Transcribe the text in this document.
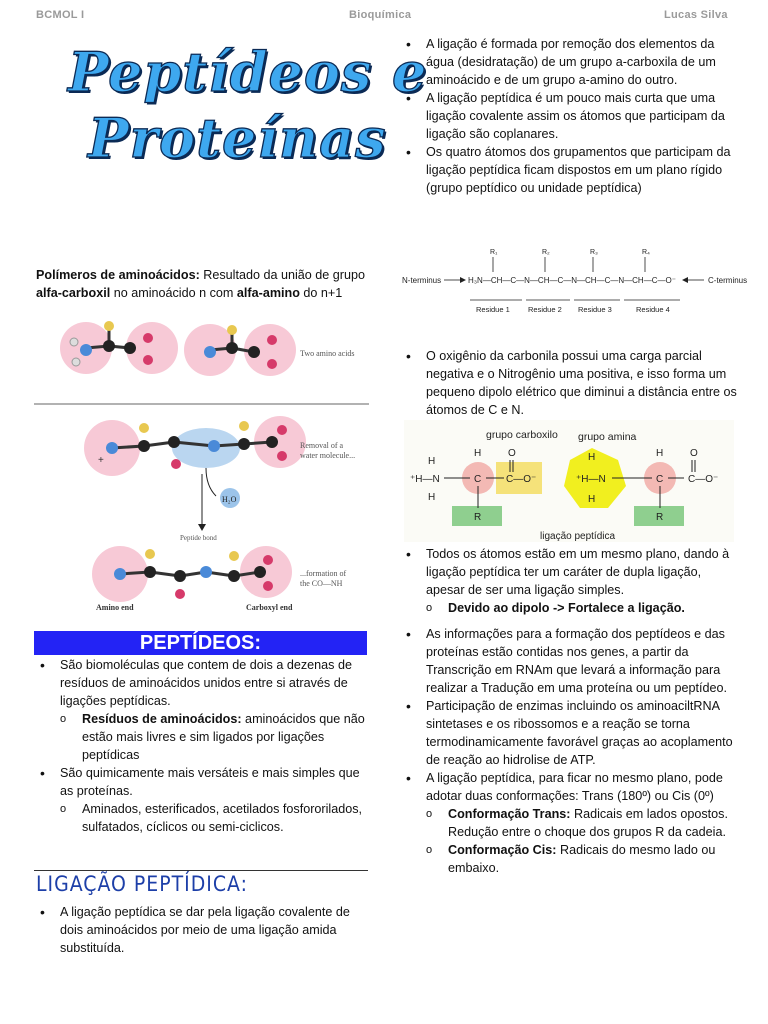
BCMOL I	Bioquímica	Lucas Silva
Peptídeos e
Proteínas

Polímeros de aminoácidos: Resultado da união de grupo alfa-carboxil no aminoácido n com alfa-amino do n+1

Two amino acids
+
Removal of a
water molecule...
H₂O
Peptide bond
...formation of
the CO—NH
Amino end	Carboxyl end
PEPTÍDEOS:
• São biomoléculas que contem de dois a dezenas de resíduos de aminoácidos unidos entre si através de ligações peptídicas.
o Resíduos de aminoácidos: aminoácidos que não estão mais livres e sim ligados por ligações peptídicas
• São quimicamente mais versáteis e mais simples que as proteínas.
o Aminados, esterificados, acetilados fosfororilados, sulfatados, cíclicos ou semi-ciclicos.
LIGAÇÃO PEPTÍDICA:
• A ligação peptídica se dar pela ligação covalente de dois aminoácidos por meio de uma ligação amida substituída.
• A ligação é formada por remoção dos elementos da água (desidratação) de um grupo a-carboxila de um aminoácido e de um grupo a-amino do outro.
• A ligação peptídica é um pouco mais curta que uma ligação covalente assim os átomos que participam da ligação são coplanares.
• Os quatro átomos dos grupamentos que participam da ligação peptídica ficam dispostos em um plano rígido (grupo peptídico ou unidade peptídica)
N-terminus	H₃N—CH—C—N—CH—C—N—CH—C—N—CH—C—O⁻	C-terminus
R₁	R₂	R₃	R₄
Residue 1 Residue 2 Residue 3	Residue 4
• O oxigênio da carbonila possui uma carga parcial negativa e o Nitrogênio uma positiva, e isso forma um pequeno dipolo elétrico que diminui a distância entre os átomos de C e N.
grupo carboxilo grupo amina
⁺H—N
H
H
C
H
C—O⁻
O
R
⁺H—N
H
H
C
H
C—O⁻
O
R
ligação peptídica
• Todos os átomos estão em um mesmo plano, dando à ligação peptídica ter um caráter de dupla ligação, apesar de ser uma ligação simples.
o Devido ao dipolo -> Fortalece a ligação.
• As informações para a formação dos peptídeos e das proteínas estão contidas nos genes, a partir da Transcrição em RNAm que levará a informação para realizar a Tradução em uma proteína ou um peptídeo.
• Participação de enzimas incluindo os aminoaciltRNA sintetases e os ribossomos e a reação se torna termodinamicamente favorável graças ao acoplamento de reação ao hidrolise de ATP.
• A ligação peptídica, para ficar no mesmo plano, pode adotar duas conformações: Trans (180º) ou Cis (0º)
o Conformação Trans: Radicais em lados opostos. Redução entre o choque dos grupos R da cadeia.
o Conformação Cis: Radicais do mesmo lado ou embaixo.
